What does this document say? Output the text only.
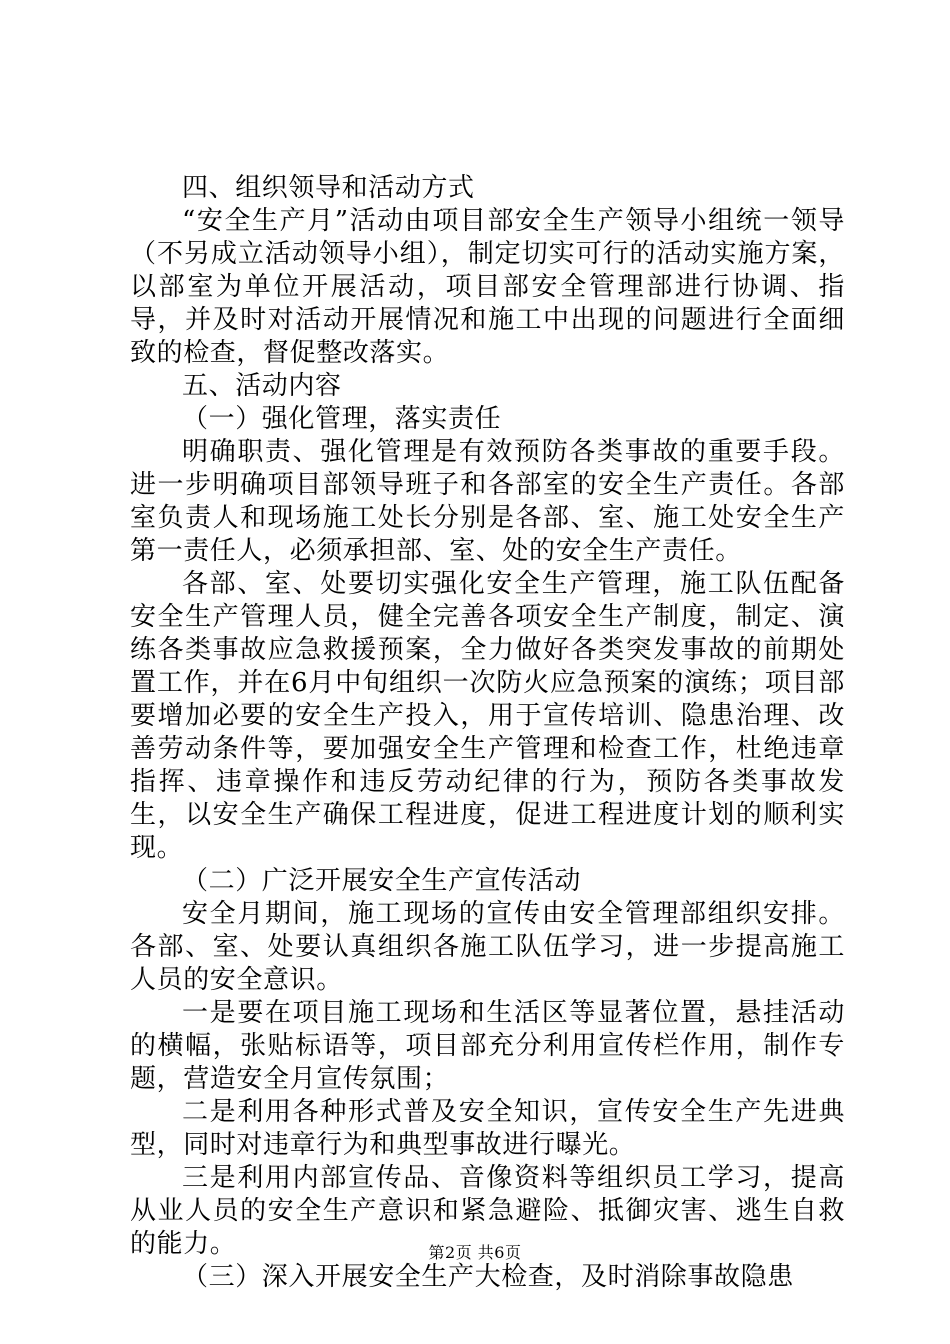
四、组织领导和活动方式

“安全生产月”活动由项目部安全生产领导小组统一领导（不另成立活动领导小组），制定切实可行的活动实施方案，以部室为单位开展活动，项目部安全管理部进行协调、指导，并及时对活动开展情况和施工中出现的问题进行全面细致的检查，督促整改落实。

五、活动内容

（一）强化管理，落实责任

明确职责、强化管理是有效预防各类事故的重要手段。进一步明确项目部领导班子和各部室的安全生产责任。各部室负责人和现场施工处长分别是各部、室、施工处安全生产第一责任人，必须承担部、室、处的安全生产责任。

各部、室、处要切实强化安全生产管理，施工队伍配备安全生产管理人员，健全完善各项安全生产制度，制定、演练各类事故应急救援预案，全力做好各类突发事故的前期处置工作，并在6月中旬组织一次防火应急预案的演练；项目部要增加必要的安全生产投入，用于宣传培训、隐患治理、改善劳动条件等，要加强安全生产管理和检查工作，杜绝违章指挥、违章操作和违反劳动纪律的行为，预防各类事故发生，以安全生产确保工程进度，促进工程进度计划的顺利实现。

（二）广泛开展安全生产宣传活动

安全月期间，施工现场的宣传由安全管理部组织安排。各部、室、处要认真组织各施工队伍学习，进一步提高施工人员的安全意识。

一是要在项目施工现场和生活区等显著位置，悬挂活动的横幅，张贴标语等，项目部充分利用宣传栏作用，制作专题，营造安全月宣传氛围；

二是利用各种形式普及安全知识，宣传安全生产先进典型，同时对违章行为和典型事故进行曝光。

三是利用内部宣传品、音像资料等组织员工学习，提高从业人员的安全生产意识和紧急避险、抵御灾害、逃生自救的能力。

（三）深入开展安全生产大检查，及时消除事故隐患

第2页 共6页
